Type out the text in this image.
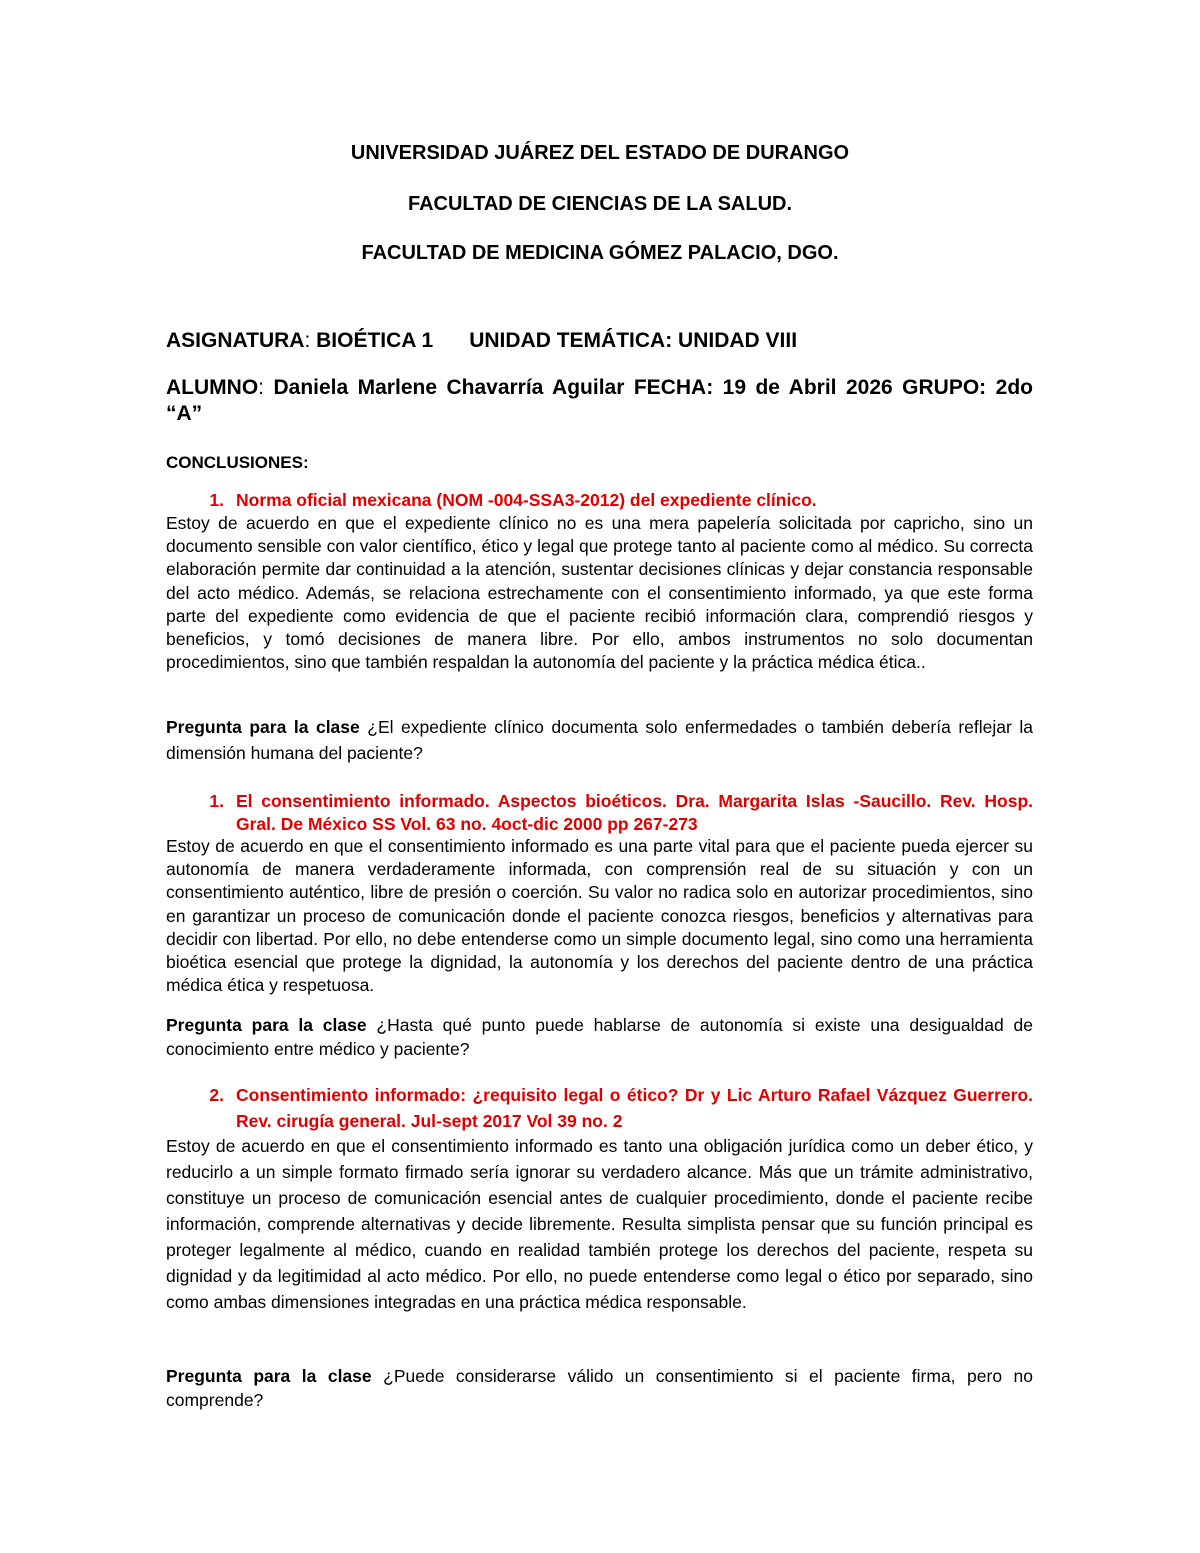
UNIVERSIDAD JUÁREZ DEL ESTADO DE DURANGO

FACULTAD DE CIENCIAS DE LA SALUD.

FACULTAD DE MEDICINA GÓMEZ PALACIO, DGO.

ASIGNATURA: BIOÉTICA 1 UNIDAD TEMÁTICA: UNIDAD VIII

ALUMNO: Daniela Marlene Chavarría Aguilar FECHA: 19 de Abril 2026 GRUPO: 2do “A”

CONCLUSIONES:

1. Norma oficial mexicana (NOM -004-SSA3-2012) del expediente clínico.

Estoy de acuerdo en que el expediente clínico no es una mera papelería solicitada por capricho, sino un documento sensible con valor científico, ético y legal que protege tanto al paciente como al médico. Su correcta elaboración permite dar continuidad a la atención, sustentar decisiones clínicas y dejar constancia responsable del acto médico. Además, se relaciona estrechamente con el consentimiento informado, ya que este forma parte del expediente como evidencia de que el paciente recibió información clara, comprendió riesgos y beneficios, y tomó decisiones de manera libre. Por ello, ambos instrumentos no solo documentan procedimientos, sino que también respaldan la autonomía del paciente y la práctica médica ética..

Pregunta para la clase ¿El expediente clínico documenta solo enfermedades o también debería reflejar la dimensión humana del paciente?

1. El consentimiento informado. Aspectos bioéticos. Dra. Margarita Islas -Saucillo. Rev. Hosp. Gral. De México SS Vol. 63 no. 4oct-dic 2000 pp 267-273

Estoy de acuerdo en que el consentimiento informado es una parte vital para que el paciente pueda ejercer su autonomía de manera verdaderamente informada, con comprensión real de su situación y con un consentimiento auténtico, libre de presión o coerción. Su valor no radica solo en autorizar procedimientos, sino en garantizar un proceso de comunicación donde el paciente conozca riesgos, beneficios y alternativas para decidir con libertad. Por ello, no debe entenderse como un simple documento legal, sino como una herramienta bioética esencial que protege la dignidad, la autonomía y los derechos del paciente dentro de una práctica médica ética y respetuosa.

Pregunta para la clase ¿Hasta qué punto puede hablarse de autonomía si existe una desigualdad de conocimiento entre médico y paciente?

2. Consentimiento informado: ¿requisito legal o ético? Dr y Lic Arturo Rafael Vázquez Guerrero. Rev. cirugía general. Jul-sept 2017 Vol 39 no. 2

Estoy de acuerdo en que el consentimiento informado es tanto una obligación jurídica como un deber ético, y reducirlo a un simple formato firmado sería ignorar su verdadero alcance. Más que un trámite administrativo, constituye un proceso de comunicación esencial antes de cualquier procedimiento, donde el paciente recibe información, comprende alternativas y decide libremente. Resulta simplista pensar que su función principal es proteger legalmente al médico, cuando en realidad también protege los derechos del paciente, respeta su dignidad y da legitimidad al acto médico. Por ello, no puede entenderse como legal o ético por separado, sino como ambas dimensiones integradas en una práctica médica responsable.

Pregunta para la clase ¿Puede considerarse válido un consentimiento si el paciente firma, pero no comprende?
